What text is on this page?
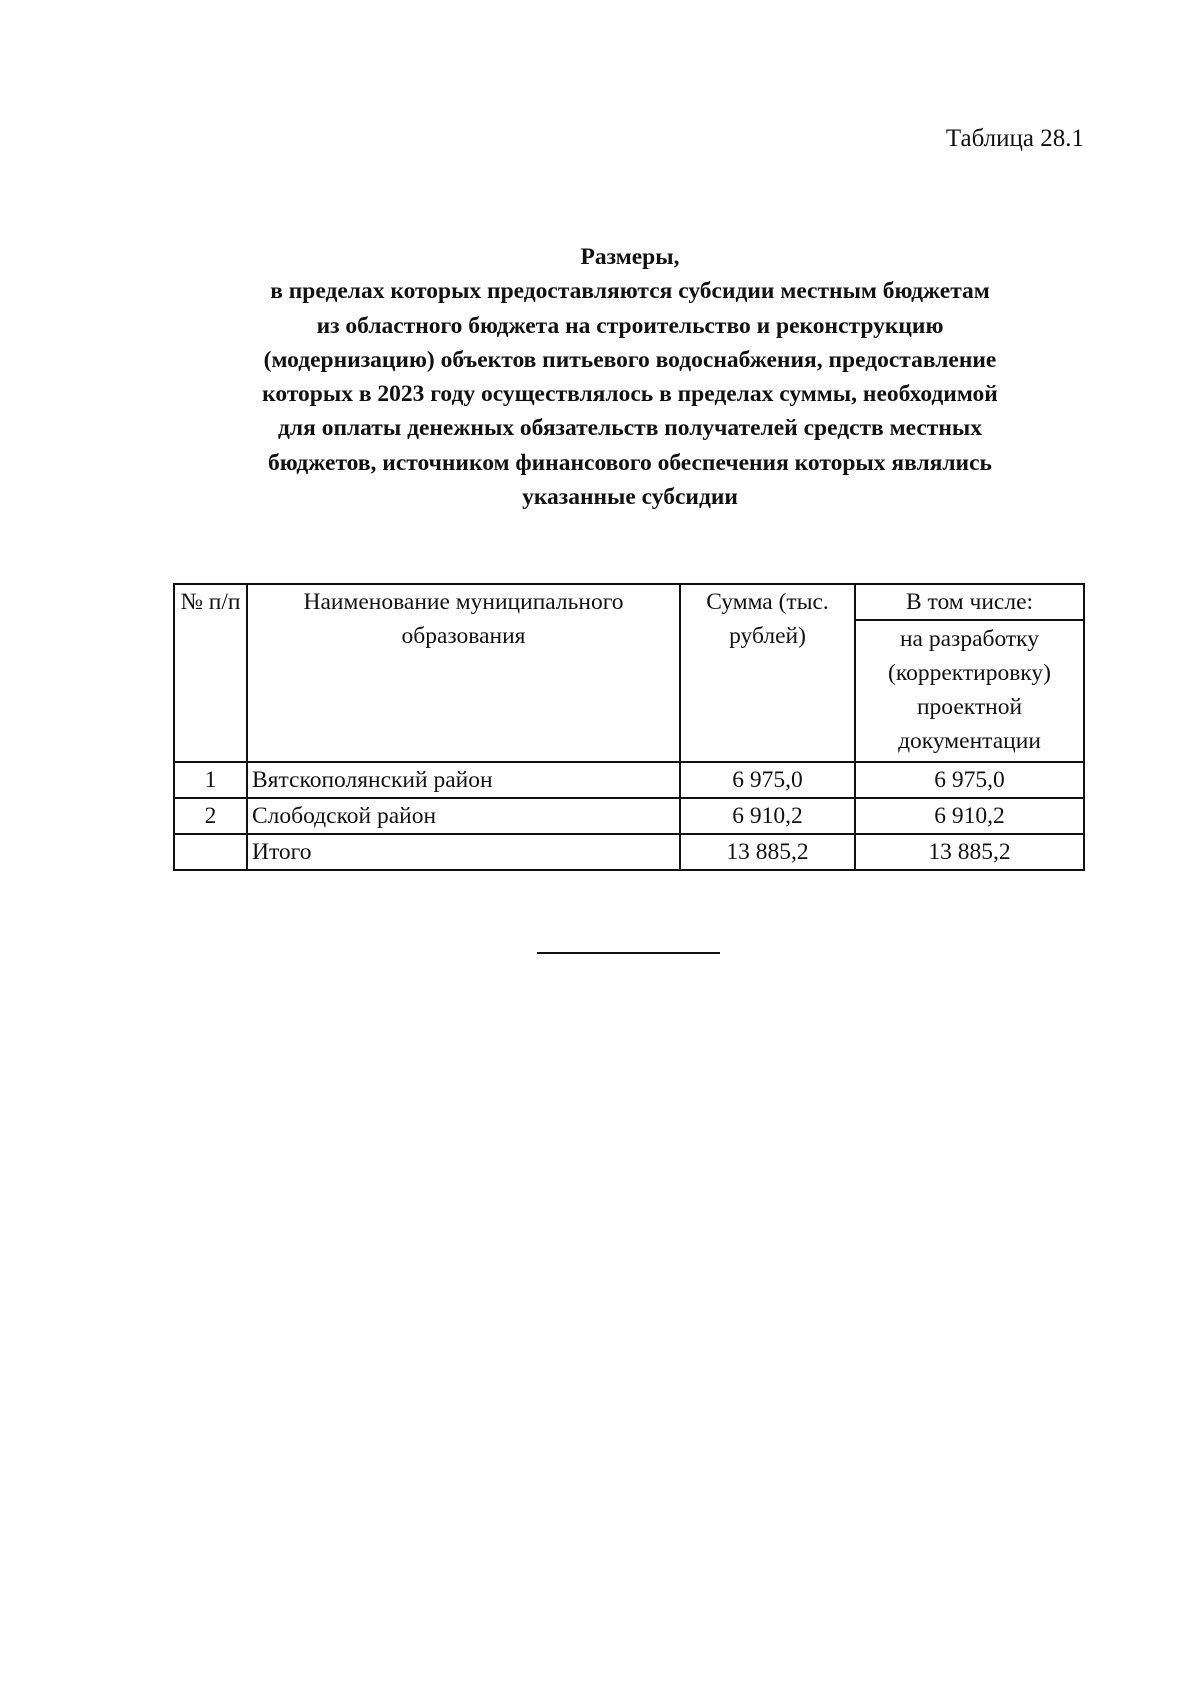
Таблица 28.1
Размеры,
в пределах которых предоставляются субсидии местным бюджетам
из областного бюджета на строительство и реконструкцию
(модернизацию) объектов питьевого водоснабжения, предоставление
которых в 2023 году осуществлялось в пределах суммы, необходимой
для оплаты денежных обязательств получателей средств местных
бюджетов, источником финансового обеспечения которых являлись
указанные субсидии
№ п/п	Наименование муниципального образования	Сумма (тыс. рублей)	В том числе:
			на разработку (корректировку) проектной документации
1	Вятскополянский район	6 975,0	6 975,0
2	Слободской район	6 910,2	6 910,2
	Итого	13 885,2	13 885,2
